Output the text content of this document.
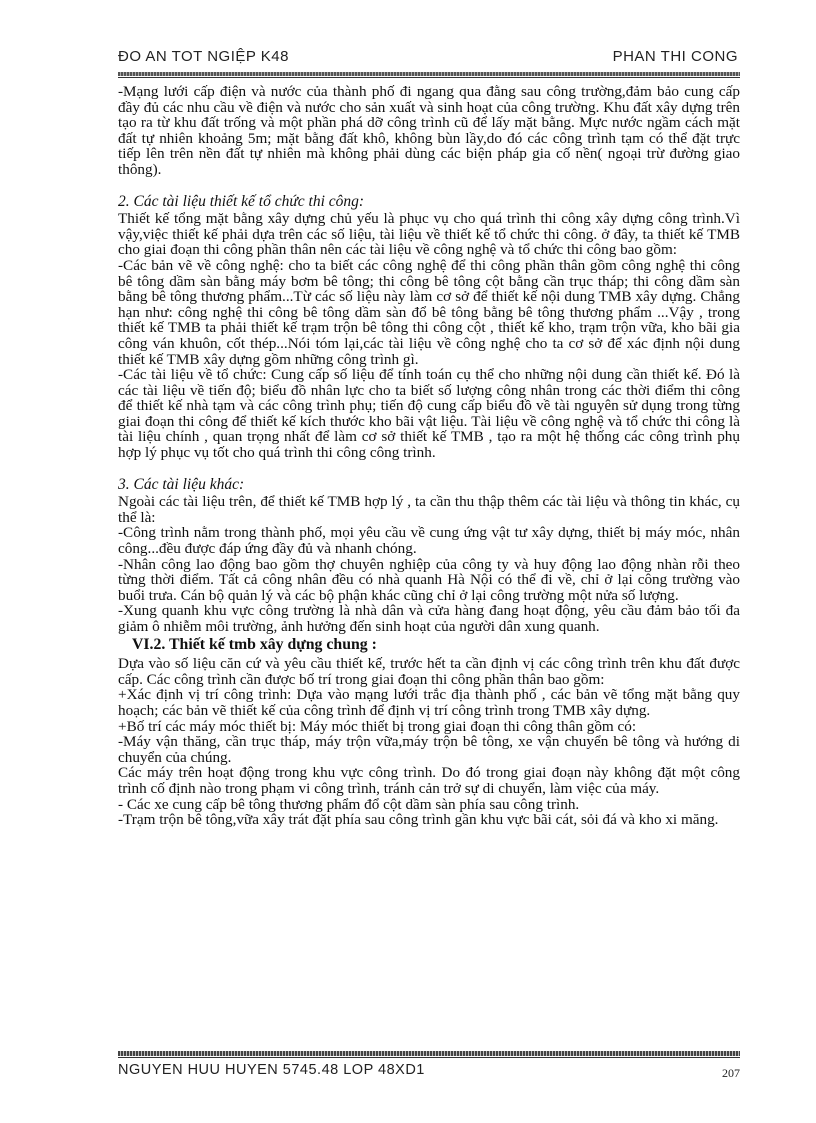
ĐO AN TOT NGIỆP K48	PHAN THI CONG

-Mạng lưới cấp điện và nước của thành phố đi ngang qua đằng sau công trường,đảm bảo cung cấp đầy đủ các nhu cầu về điện và nước cho sản xuất và sinh hoạt của công trường. Khu đất xây dựng trên tạo ra từ khu đất trống và một phần phá dỡ công trình cũ để lấy mặt bằng. Mực nước ngầm cách mặt đất tự nhiên khoảng 5m; mặt bằng đất khô, không bùn lầy,do đó các công trình tạm có thể đặt trực tiếp lên trên nền đất tự nhiên mà không phải dùng các biện pháp gia cố nền( ngoại trừ đường giao thông).

2. Các tài liệu thiết kế tổ chức thi công:

Thiết kế tổng mặt bằng xây dựng chủ yếu là phục vụ cho quá trình thi công xây dựng công trình.Vì vậy,việc thiết kế phải dựa trên các số liệu, tài liệu về thiết kế tổ chức thi công. ở đây, ta thiết kế TMB cho giai đoạn thi công phần thân nên các tài liệu về công nghệ và tổ chức thi công bao gồm:

-Các bản vẽ về công nghệ: cho ta biết các công nghệ để thi công phần thân gồm công nghệ thi công bê tông dầm sàn bằng máy bơm bê tông; thi công bê tông cột bằng cần trục tháp; thi công dầm sàn bằng bê tông thương phẩm...Từ các số liệu này làm cơ sở để thiết kế nội dung TMB xây dựng. Chẳng hạn như: công nghệ thi công bê tông dầm sàn đổ bê tông bằng bê tông thương phẩm ...Vậy , trong thiết kế TMB ta phải thiết kế trạm trộn bê tông thi công cột , thiết kế kho, trạm trộn vữa, kho bãi gia công ván khuôn, cốt thép...Nói tóm lại,các tài liệu về công nghệ cho ta cơ sở để xác định nội dung thiết kế TMB xây dựng gồm những công trình gì.

-Các tài liệu về tổ chức: Cung cấp số liệu để tính toán cụ thể cho những nội dung cần thiết kế. Đó là các tài liệu về tiến độ; biểu đồ nhân lực cho ta biết số lượng công nhân trong các thời điểm thi công để thiết kế nhà tạm và các công trình phụ; tiến độ cung cấp biểu đồ về tài nguyên sử dụng trong từng giai đoạn thi công để thiết kế kích thước kho bãi vật liệu. Tài liệu về công nghệ và tổ chức thi công là tài liệu chính , quan trọng nhất để làm cơ sở thiết kế TMB , tạo ra một hệ thống các công trình phụ hợp lý phục vụ tốt cho quá trình thi công công trình.

3. Các tài liệu khác:

Ngoài các tài liệu trên, để thiết kế TMB hợp lý , ta cần thu thập thêm các tài liệu và thông tin khác, cụ thể là:

-Công trình nằm trong thành phố, mọi yêu cầu về cung ứng vật tư xây dựng, thiết bị máy móc, nhân công...đều được đáp ứng đầy đủ và nhanh chóng.

-Nhân công lao động bao gồm thợ chuyên nghiệp của công ty và huy động lao động nhàn rỗi theo từng thời điểm. Tất cả công nhân đều có nhà quanh Hà Nội có thể đi về, chỉ ở lại công trường vào buổi trưa. Cán bộ quản lý và các bộ phận khác cũng chỉ ở lại công trường một nửa số lượng.

-Xung quanh khu vực công trường là nhà dân và cửa hàng đang hoạt động, yêu cầu đảm bảo tối đa giảm ô nhiễm môi trường, ảnh hưởng đến sinh hoạt của người dân xung quanh.

VI.2. Thiết kế tmb xây dựng chung :

Dựa vào số liệu căn cứ và yêu cầu thiết kế, trước hết ta cần định vị các công trình trên khu đất được cấp. Các công trình cần được bố trí trong giai đoạn thi công phần thân bao gồm:

+Xác định vị trí công trình: Dựa vào mạng lưới trắc địa thành phố , các bản vẽ tổng mặt bằng quy hoạch; các bản vẽ thiết kế của công trình để định vị trí công trình trong TMB xây dựng.

+Bố trí các máy móc thiết bị: Máy móc thiết bị trong giai đoạn thi công thân gồm có:

-Máy vận thăng, cần trục tháp, máy trộn vữa,máy trộn bê tông, xe vận chuyển bê tông và hướng di chuyển của chúng.

Các máy trên hoạt động trong khu vực công trình. Do đó trong giai đoạn này không đặt một công trình cố định nào trong phạm vi công trình, tránh cản trở sự di chuyển, làm việc của máy.

- Các xe cung cấp bê tông thương phẩm đổ cột dầm sàn phía sau công trình.

-Trạm trộn bê tông,vữa xây trát đặt phía sau công trình gần khu vực bãi cát, sỏi đá và kho xi măng.

NGUYEN HUU HUYEN 5745.48 LOP 48XD1	207
